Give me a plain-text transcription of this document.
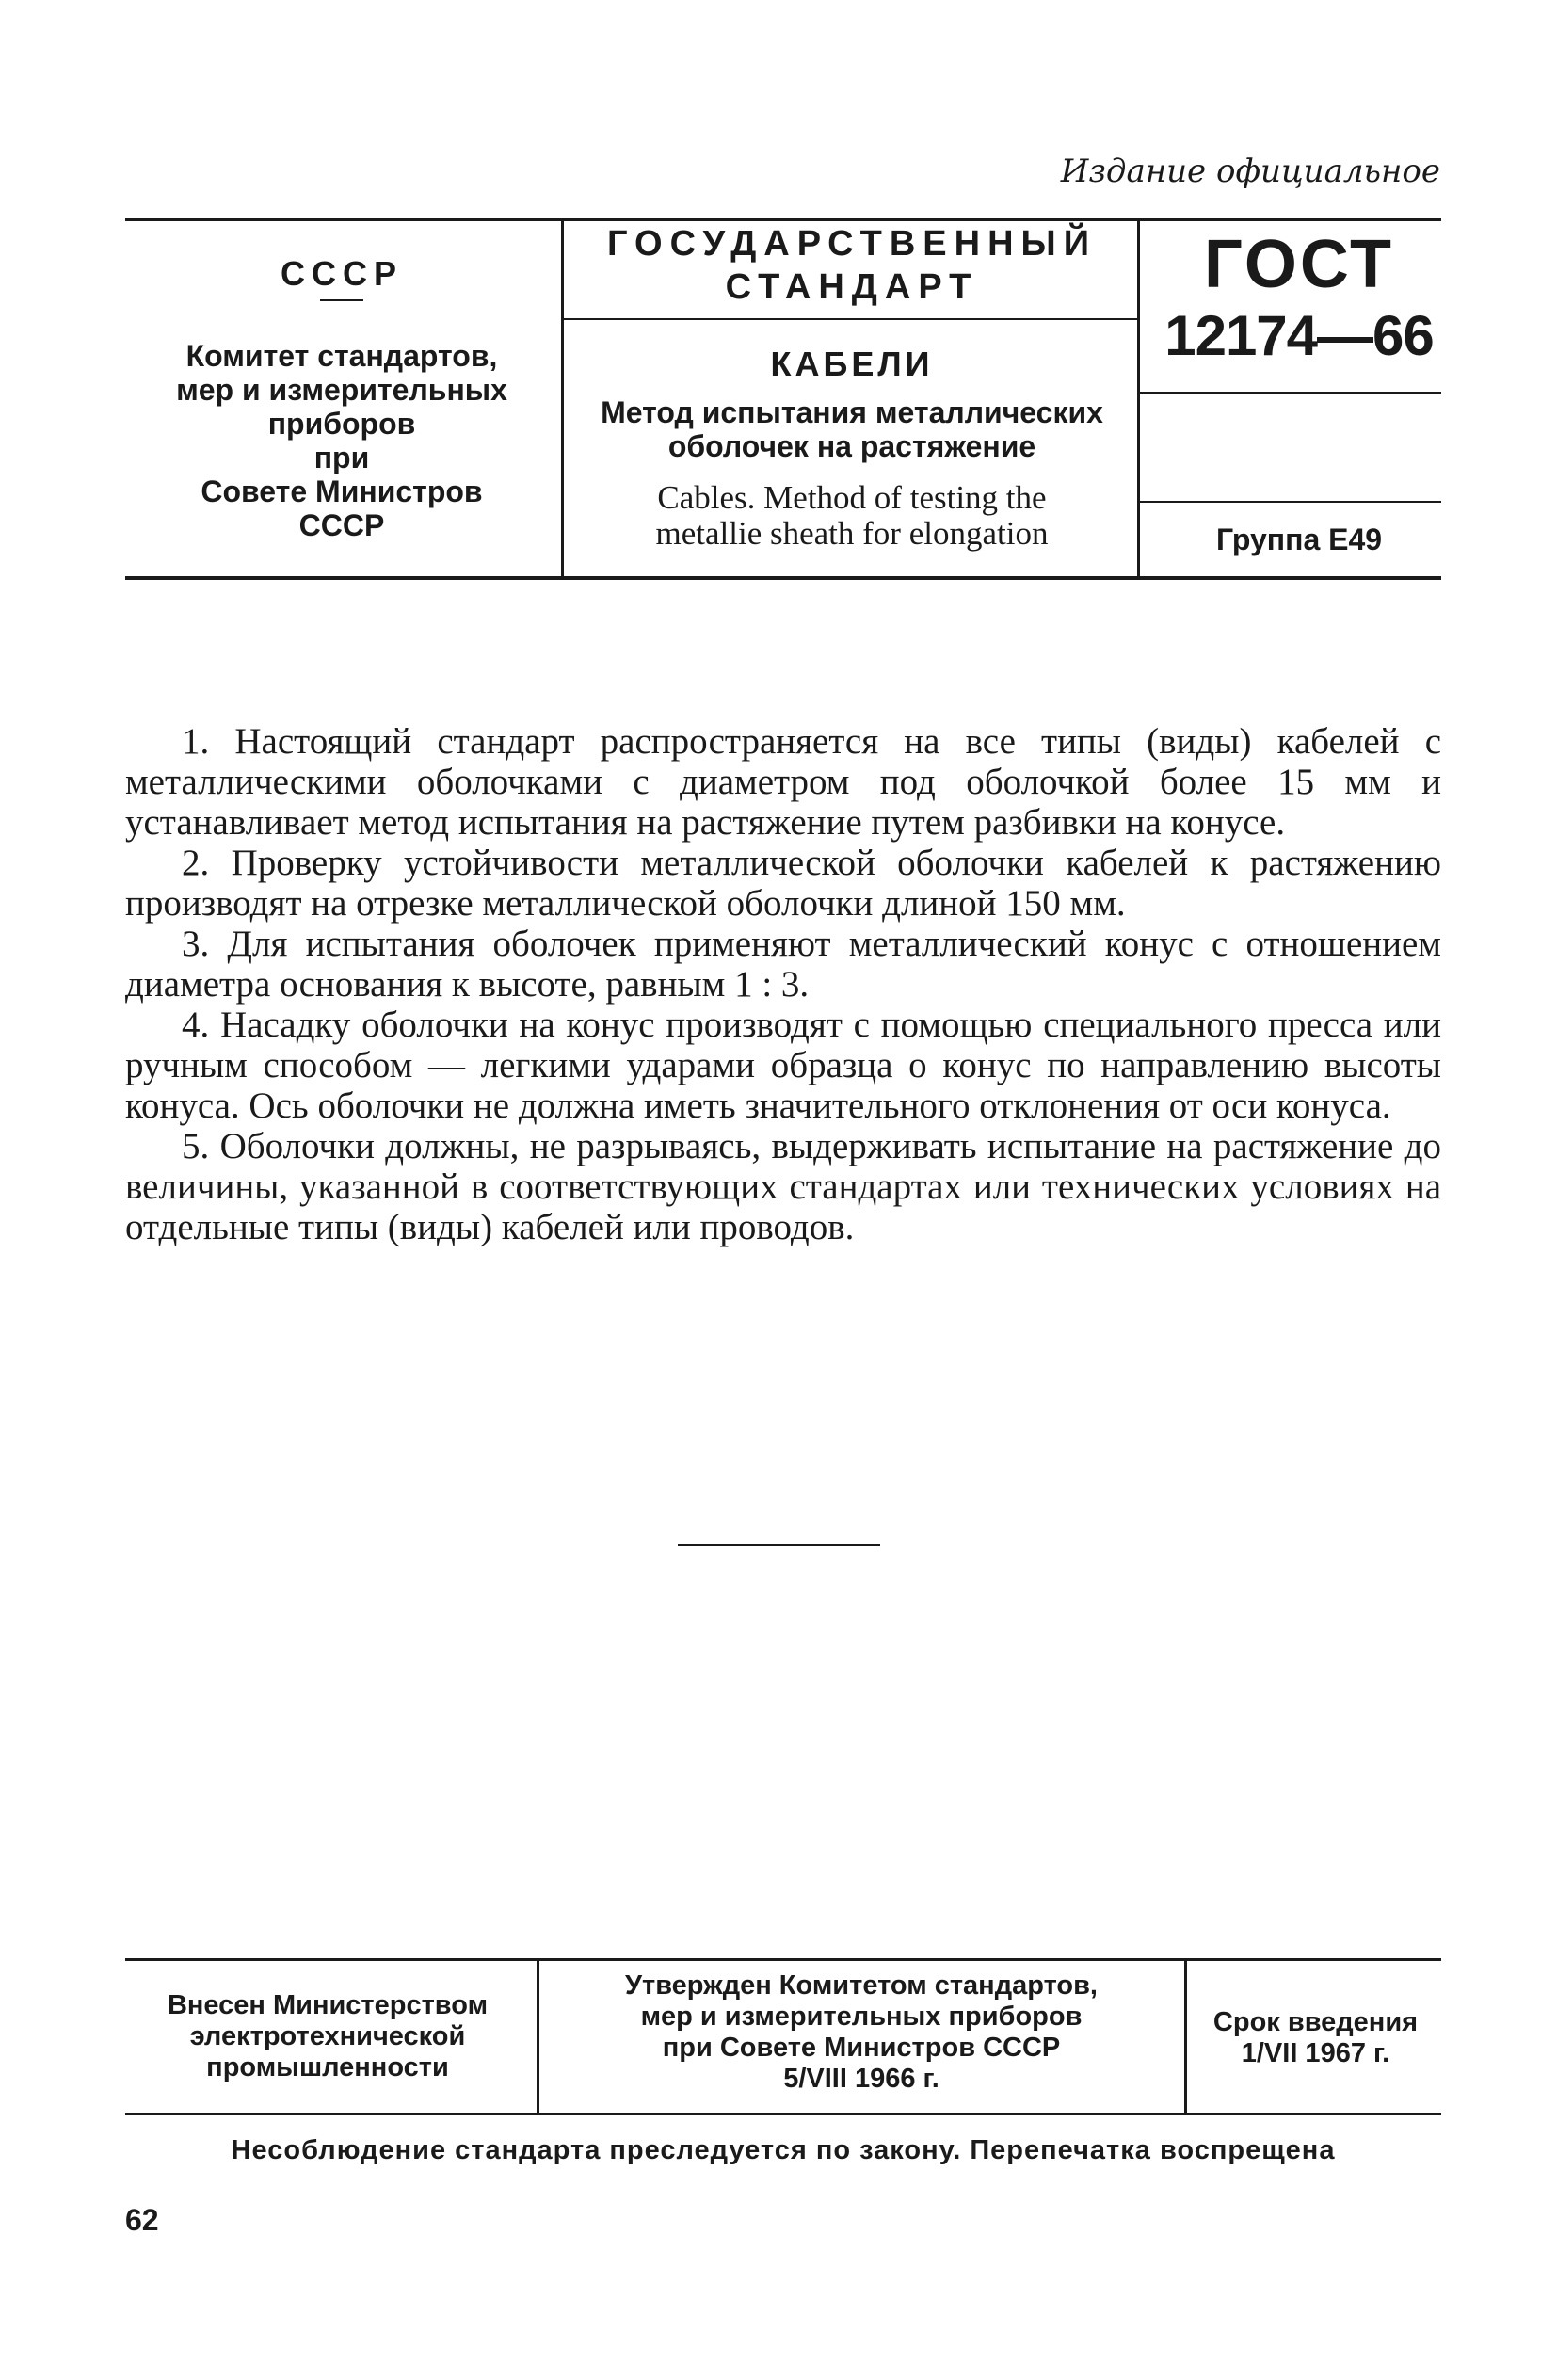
Издание официальное
СССР
Комитет стандартов,
мер и измерительных
приборов
при
Совете Министров
СССР
ГОСУДАРСТВЕННЫЙ
СТАНДАРТ
КАБЕЛИ
Метод испытания металлических
оболочек на растяжение
Cables. Method of testing the
metallie sheath for elongation
ГОСТ
12174—66
Группа E49

1. Настоящий стандарт распространяется на все типы (виды) кабелей с металлическими оболочками с диаметром под оболочкой более 15 мм и устанавливает метод испытания на растяжение путем разбивки на конусе.

2. Проверку устойчивости металлической оболочки кабелей к растяжению производят на отрезке металлической оболочки длиной 150 мм.

3. Для испытания оболочек применяют металлический конус с отношением диаметра основания к высоте, равным 1 : 3.

4. Насадку оболочки на конус производят с помощью специального пресса или ручным способом — легкими ударами образца о конус по направлению высоты конуса. Ось оболочки не должна иметь значительного отклонения от оси конуса.

5. Оболочки должны, не разрываясь, выдерживать испытание на растяжение до величины, указанной в соответствующих стандартах или технических условиях на отдельные типы (виды) кабелей или проводов.

Внесен Министерством
электротехнической
промышленности
Утвержден Комитетом стандартов,
мер и измерительных приборов
при Совете Министров СССР
5/VIII 1966 г.
Срок введения
1/VII 1967 г.
Несоблюдение стандарта преследуется по закону. Перепечатка воспрещена
62
